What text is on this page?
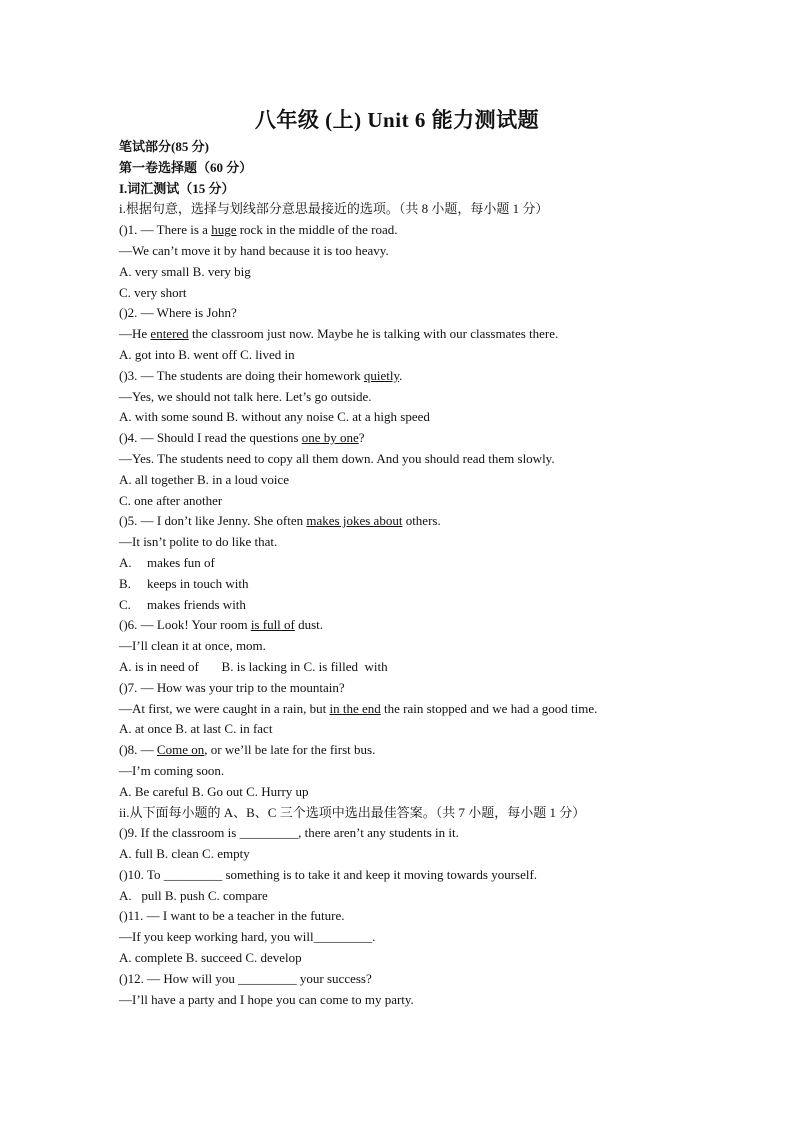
八年级 (上) Unit 6 能力测试题
笔试部分(85 分)
第一卷选择题（60 分）
I.词汇测试（15 分）
i.根据句意，选择与划线部分意思最接近的选项。（共 8 小题，每小题 1 分）
()1. — There is a huge rock in the middle of the road.
—We can’t move it by hand because it is too heavy.
A. very small B. very big
C. very short
()2. — Where is John?
—He entered the classroom just now. Maybe he is talking with our classmates there.
A. got into B. went off C. lived in
()3. — The students are doing their homework quietly.
—Yes, we should not talk here. Let’s go outside.
A. with some sound B. without any noise C. at a high speed
()4. — Should I read the questions one by one?
—Yes. The students need to copy all them down. And you should read them slowly.
A. all together B. in a loud voice
C. one after another
()5. — I don’t like Jenny. She often makes jokes about others.
—It isn’t polite to do like that.
A. makes fun of
B. keeps in touch with
C. makes friends with
()6. — Look! Your room is full of dust.
—I’ll clean it at once, mom.
A. is in need of       B. is lacking in C. is filled  with
()7. — How was your trip to the mountain?
—At first, we were caught in a rain, but in the end the rain stopped and we had a good time.
A. at once B. at last C. in fact
()8. — Come on, or we’ll be late for the first bus.
—I’m coming soon.
A. Be careful B. Go out C. Hurry up
ii.从下面每小题的 A、B、C 三个选项中选出最佳答案。（共 7 小题，每小题 1 分）
()9. If the classroom is _________, there aren’t any students in it.
A. full B. clean C. empty
()10. To _________ something is to take it and keep it moving towards yourself.
A.   pull B. push C. compare
()11. — I want to be a teacher in the future.
—If you keep working hard, you will_________.
A. complete B. succeed C. develop
()12. — How will you _________ your success?
—I’ll have a party and I hope you can come to my party.
